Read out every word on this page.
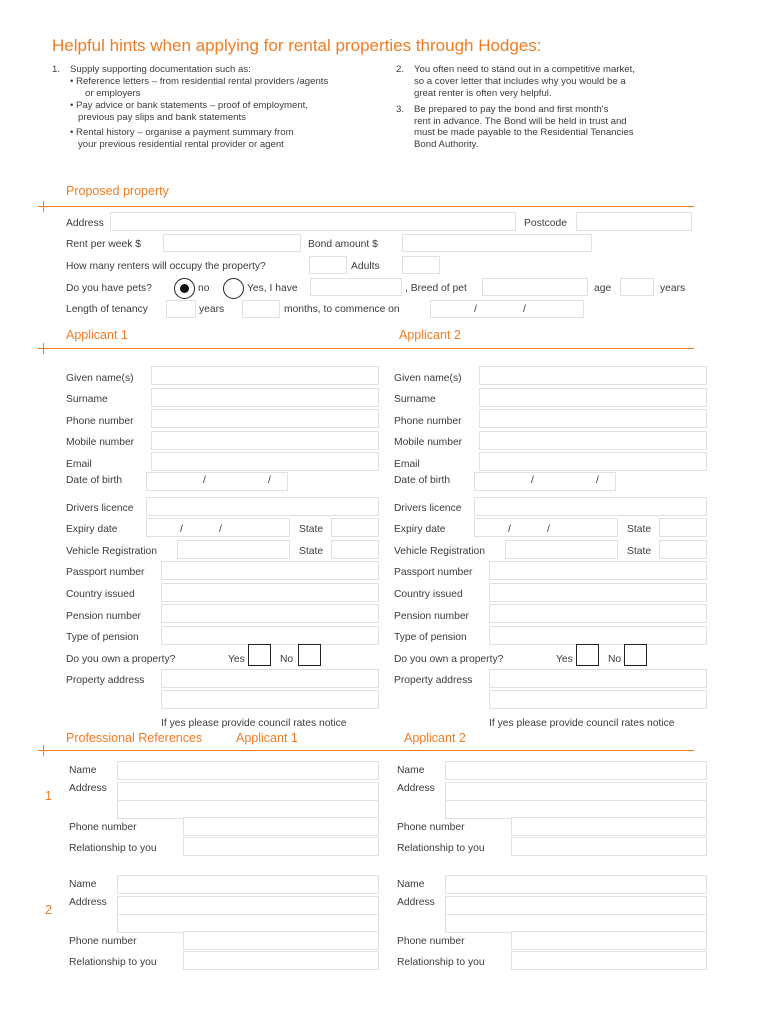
Helpful hints when applying for rental properties through Hodges:
1. Supply supporting documentation such as:
• Reference letters – from residential rental providers /agents
or employers
• Pay advice or bank statements – proof of employment,
previous pay slips and bank statements
• Rental history – organise a payment summary from
your previous residential rental provider or agent
2. You often need to stand out in a competitive market,
so a cover letter that includes why you would be a
great renter is often very helpful.
3. Be prepared to pay the bond and first month's
rent in advance. The Bond will be held in trust and
must be made payable to the Residential Tenancies
Bond Authority.
Proposed property
Address	Postcode
Rent per week $	Bond amount $
How many renters will occupy the property?	Adults
Do you have pets?	no	Yes, I have	, Breed of pet	age	years
Length of tenancy	years	months, to commence on	/	/
Applicant 1	Applicant 2
Given name(s)
Surname
Phone number
Mobile number
Email
Date of birth	/	/
Drivers licence
Expiry date	/	/	State
Vehicle Registration	State
Passport number
Country issued
Pension number
Type of pension
Do you own a property?	Yes	No
Property address
If yes please provide council rates notice
Given name(s)
Surname
Phone number
Mobile number
Email
Date of birth	/	/
Drivers licence
Expiry date	/	/	State
Vehicle Registration	State
Passport number
Country issued
Pension number
Type of pension
Do you own a property?	Yes	No
Property address
If yes please provide council rates notice
Professional References	Applicant 1	Applicant 2
1
Name
Address
Phone number
Relationship to you
Name
Address
Phone number
Relationship to you
2
Name
Address
Phone number
Relationship to you
Name
Address
Phone number
Relationship to you
